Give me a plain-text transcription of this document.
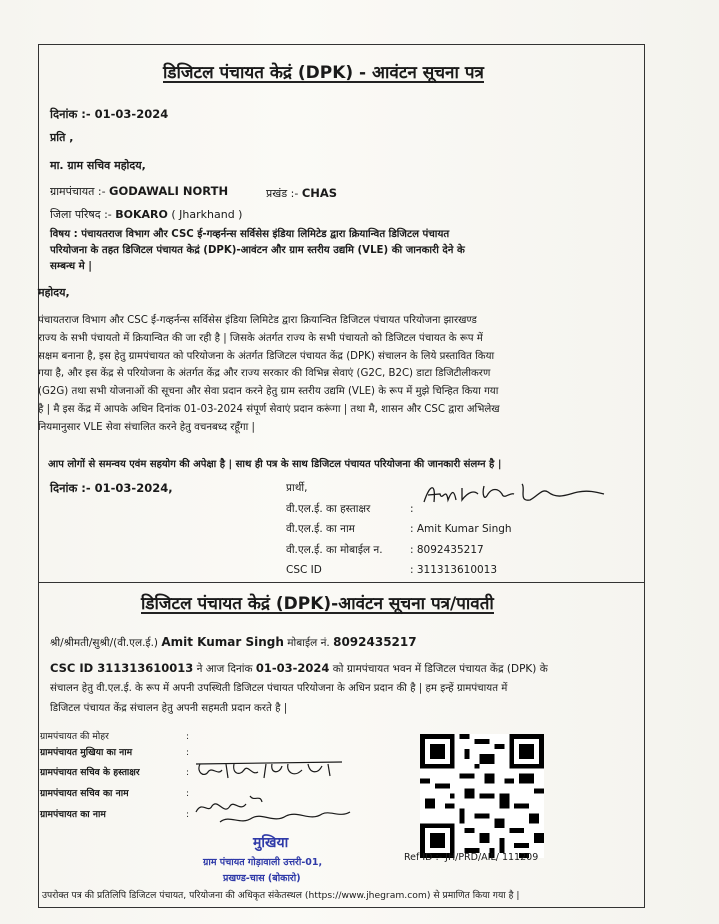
डिजिटल पंचायत केद्रं (DPK) - आवंटन सूचना पत्र
दिनांक :- 01-03-2024
प्रति ,
मा. ग्राम सचिव महोदय,
ग्रामपंचायत :- GODAWALI NORTH	प्रखंड :- CHAS
जिला परिषद :- BOKARO ( Jharkhand )
विषय : पंचायतराज विभाग और CSC ई-गव्हर्नन्स सर्विसेस इंडिया लिमिटेड द्वारा क्रियान्वित डिजिटल पंचायत
परियोजना के तहत डिजिटल पंचायत केद्रं (DPK)-आवंटन और ग्राम स्तरीय उद्यमि (VLE) की जानकारी देने के
सम्बन्ध मे |
महोदय,
पंचायतराज विभाग और CSC ई-गव्हर्नन्स सर्विसेस इंडिया लिमिटेड द्वारा क्रियान्वित डिजिटल पंचायत परियोजना झारखण्ड
राज्य के सभी पंचायतो में क्रियान्वित की जा रही है | जिसके अंतर्गत राज्य के सभी पंचायतो को डिजिटल पंचायत के रूप में
सक्षम बनाना है, इस हेतु ग्रामपंचायत को परियोजना के अंतर्गत डिजिटल पंचायत केंद्र (DPK) संचालन के लिये प्रस्तावित किया
गया है, और इस केंद्र से परियोजना के अंतर्गत केंद्र और राज्य सरकार की विभिन्न सेवाएं (G2C, B2C) डाटा डिजिटीलीकरण
(G2G) तथा सभी योजनाओं की सूचना और सेवा प्रदान करने हेतु ग्राम स्तरीय उद्यमि (VLE) के रूप में मुझे चिन्हित किया गया
है | मै इस केंद्र में आपके अधिन दिनांक 01-03-2024 संपूर्ण सेवाएं प्रदान करूंगा | तथा मै, शासन और CSC द्वारा अभिलेख
नियमानुसार VLE सेवा संचालित करने हेतु वचनबध्द रहूँगा |
आप लोगों से समन्वय एवंम सहयोग की अपेक्षा है | साथ ही पत्र के साथ डिजिटल पंचायत परियोजना की जानकारी संलग्न है |
दिनांक :- 01-03-2024,	प्रार्थी,
वी.एल.ई. का हस्ताक्षर	:
वी.एल.ई. का नाम	: Amit Kumar Singh
वी.एल.ई. का मोबाईल न.	: 8092435217
CSC ID	: 311313610013
डिजिटल पंचायत केद्रं (DPK)-आवंटन सूचना पत्र/पावती
श्री/श्रीमती/सुश्री/(वी.एल.ई.) Amit Kumar Singh मोबाईल नं. 8092435217
CSC ID 311313610013 ने आज दिनांक 01-03-2024 को ग्रामपंचायत भवन में डिजिटल पंचायत केंद्र (DPK) के
संचालन हेतु वी.एल.ई. के रूप में अपनी उपस्थिती डिजिटल पंचायत परियोजना के अधिन प्रदान की है | हम इन्हें ग्रामपंचायत में
डिजिटल पंचायत केंद्र संचालन हेतु अपनी सहमती प्रदान करते है |
ग्रामपंचायत की मोहर	:
ग्रामपंचायत मुखिया का नाम	:
ग्रामपंचायत सचिव के हस्ताक्षर	:
ग्रामपंचायत सचिव का नाम	:
ग्रामपंचायत का नाम	:
मुखिया
ग्राम पंचायत गोड़ावाली उत्तरी-01,
प्रखण्ड-चास (बोकारो)
Ref ID :- JH/PRD/AIL/ 111209
उपरोक्त पत्र की प्रतिलिपि डिजिटल पंचायत, परियोजना की अधिकृत संकेतस्थल (https://www.jhegram.com) से प्रमाणित किया गया है |
